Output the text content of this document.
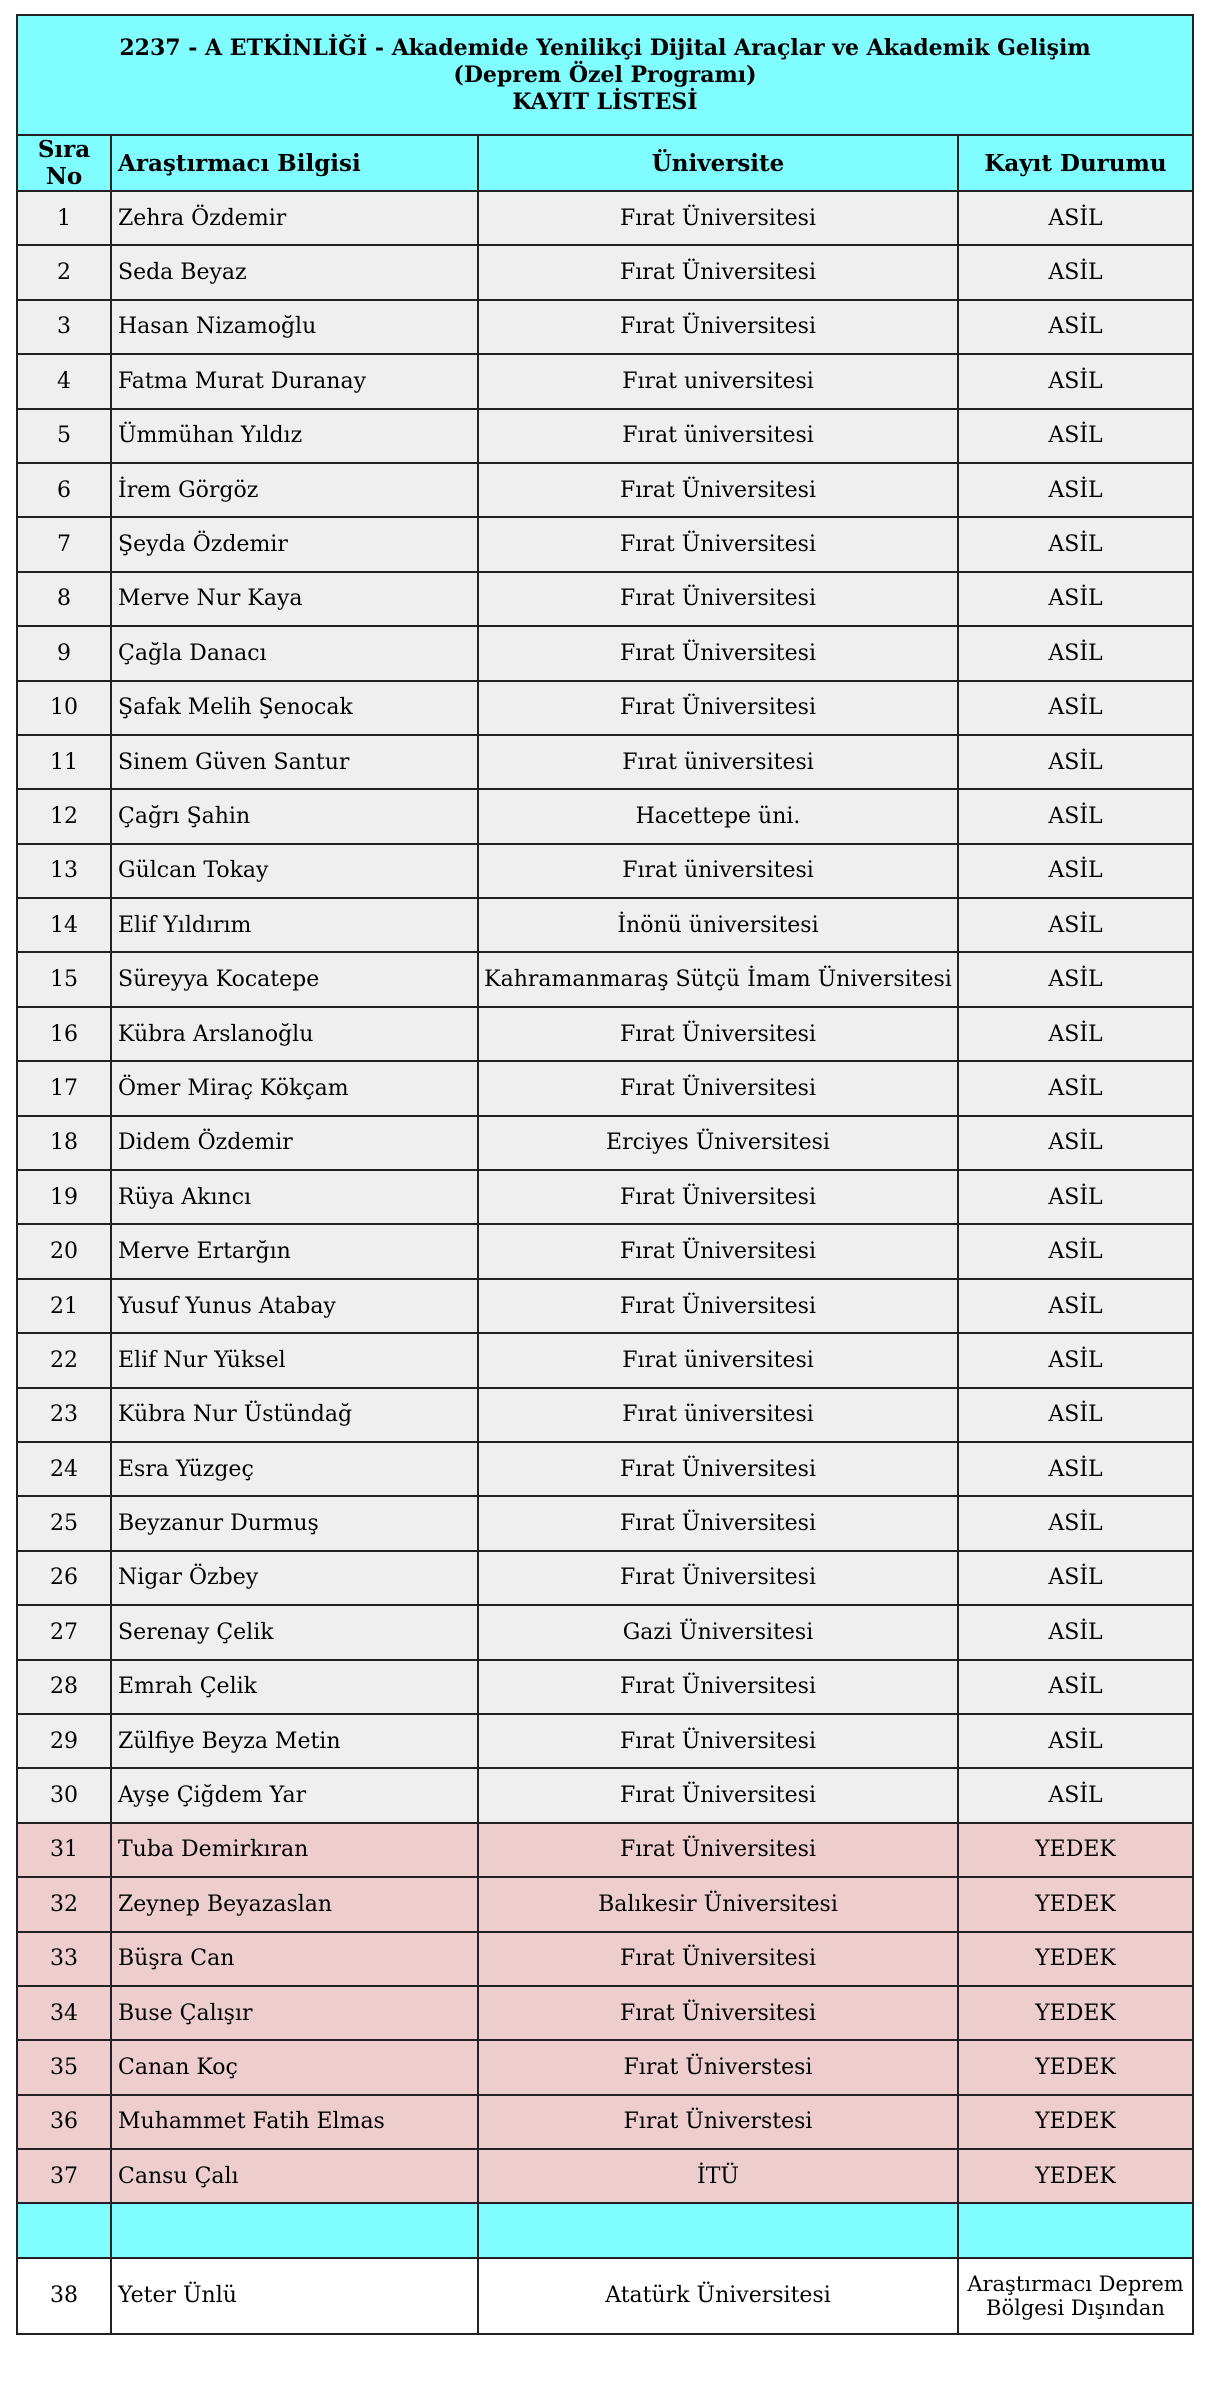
2237 - A ETKİNLİĞİ - Akademide Yenilikçi Dijital Araçlar ve Akademik Gelişim
(Deprem Özel Programı)
KAYIT LİSTESİ			

Sıra No	Araştırmacı Bilgisi	Üniversite	Kayıt Durumu
1	Zehra Özdemir	Fırat Üniversitesi	ASİL
2	Seda Beyaz	Fırat Üniversitesi	ASİL
3	Hasan Nizamoğlu	Fırat Üniversitesi	ASİL
4	Fatma Murat Duranay	Fırat universitesi	ASİL
5	Ümmühan Yıldız	Fırat üniversitesi	ASİL
6	İrem Görgöz	Fırat Üniversitesi	ASİL
7	Şeyda Özdemir	Fırat Üniversitesi	ASİL
8	Merve Nur Kaya	Fırat Üniversitesi	ASİL
9	Çağla Danacı	Fırat Üniversitesi	ASİL
10	Şafak Melih Şenocak	Fırat Üniversitesi	ASİL
11	Sinem Güven Santur	Fırat üniversitesi	ASİL
12	Çağrı Şahin	Hacettepe üni.	ASİL
13	Gülcan Tokay	Fırat üniversitesi	ASİL
14	Elif Yıldırım	İnönü üniversitesi	ASİL
15	Süreyya Kocatepe	Kahramanmaraş Sütçü İmam Üniversitesi	ASİL
16	Kübra Arslanoğlu	Fırat Üniversitesi	ASİL
17	Ömer Miraç Kökçam	Fırat Üniversitesi	ASİL
18	Didem Özdemir	Erciyes Üniversitesi	ASİL
19	Rüya Akıncı	Fırat Üniversitesi	ASİL
20	Merve Ertarğın	Fırat Üniversitesi	ASİL
21	Yusuf Yunus Atabay	Fırat Üniversitesi	ASİL
22	Elif Nur Yüksel	Fırat üniversitesi	ASİL
23	Kübra Nur Üstündağ	Fırat üniversitesi	ASİL
24	Esra Yüzgeç	Fırat Üniversitesi	ASİL
25	Beyzanur Durmuş	Fırat Üniversitesi	ASİL
26	Nigar Özbey	Fırat Üniversitesi	ASİL
27	Serenay Çelik	Gazi Üniversitesi	ASİL
28	Emrah Çelik	Fırat Üniversitesi	ASİL
29	Zülfiye Beyza Metin	Fırat Üniversitesi	ASİL
30	Ayşe Çiğdem Yar	Fırat Üniversitesi	ASİL
31	Tuba Demirkıran	Fırat Üniversitesi	YEDEK
32	Zeynep Beyazaslan	Balıkesir Üniversitesi	YEDEK
33	Büşra Can	Fırat Üniversitesi	YEDEK
34	Buse Çalışır	Fırat Üniversitesi	YEDEK
35	Canan Koç	Fırat Üniverstesi	YEDEK
36	Muhammet Fatih Elmas	Fırat Üniverstesi	YEDEK
37	Cansu Çalı	İTÜ	YEDEK

38	Yeter Ünlü	Atatürk Üniversitesi	Araştırmacı Deprem
Bölgesi Dışından
